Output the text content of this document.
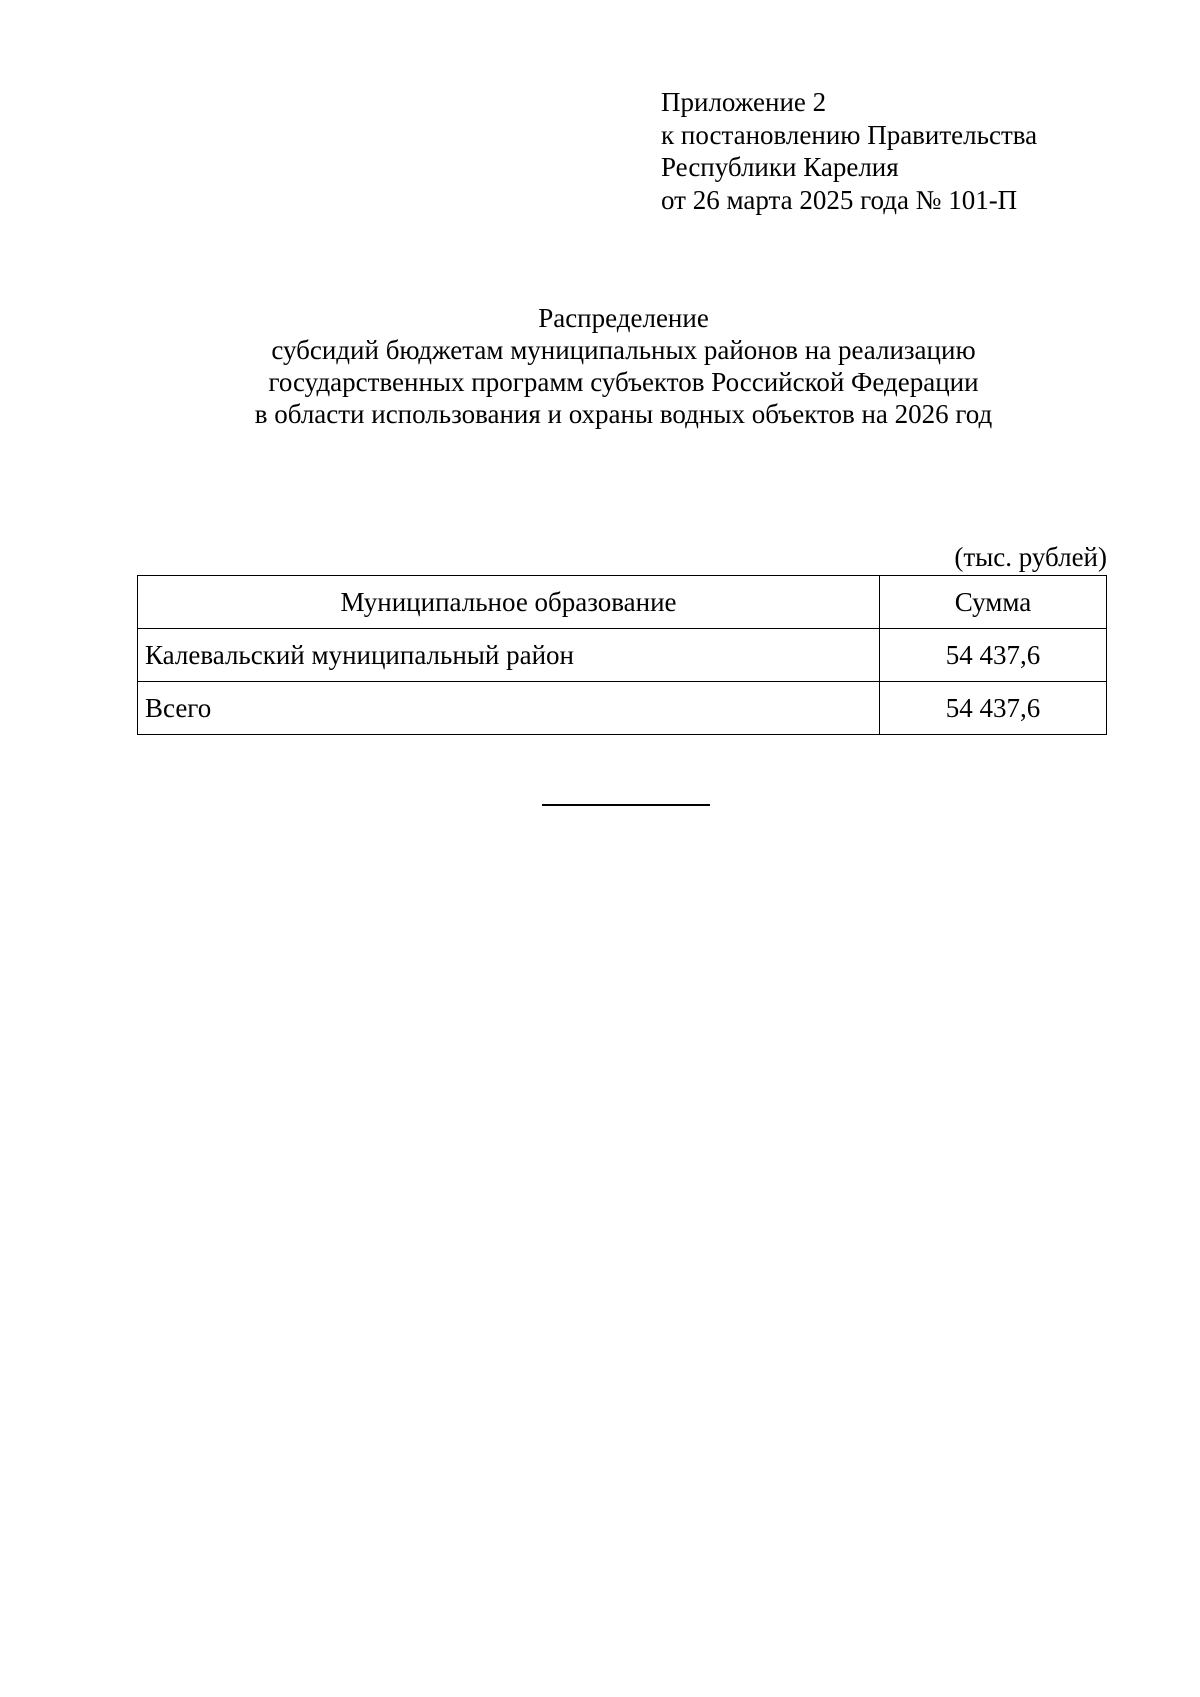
Приложение 2
к постановлению Правительства
Республики Карелия
от 26 марта 2025 года № 101-П
Распределение
субсидий бюджетам муниципальных районов на реализацию
государственных программ субъектов Российской Федерации
в области использования и охраны водных объектов на 2026 год
(тыс. рублей)
Муниципальное образование	Сумма
Калевальский муниципальный район	54 437,6
Всего	54 437,6
